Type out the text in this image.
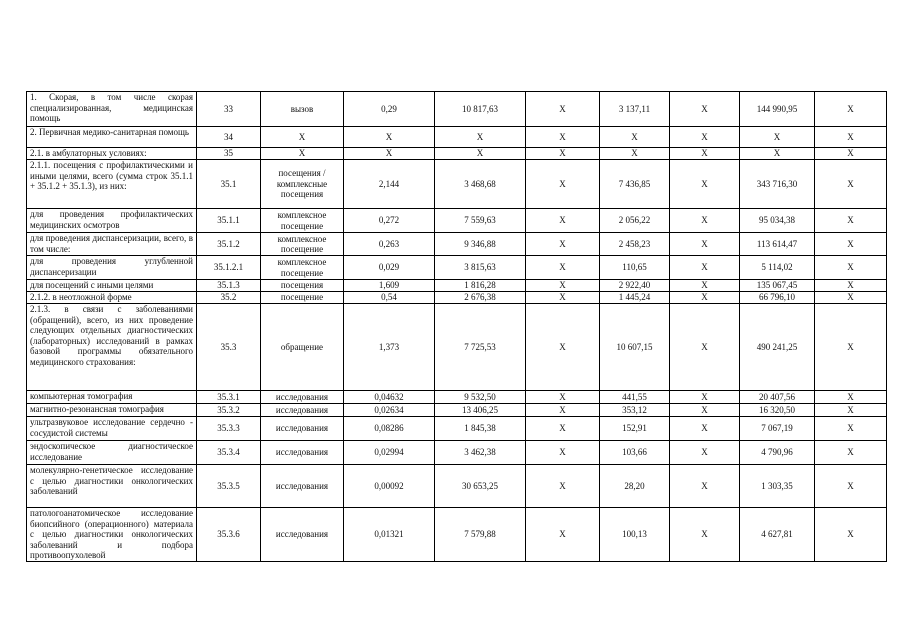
1. Скорая, в том числе скорая специализированная, медицинская помощь	33	вызов	0,29	10 817,63	Х	3 137,11	Х	144 990,95	Х
2. Первичная медико-санитарная помощь	34	Х	Х	Х	Х	Х	Х	Х	Х
2.1. в амбулаторных условиях:	35	Х	Х	Х	Х	Х	Х	Х	Х
2.1.1. посещения с профилактическими и иными целями, всего (сумма строк 35.1.1 + 35.1.2 + 35.1.3), из них:	35.1	посещения / комплексные посещения	2,144	3 468,68	Х	7 436,85	Х	343 716,30	Х
для проведения профилактических медицинских осмотров	35.1.1	комплексное посещение	0,272	7 559,63	Х	2 056,22	Х	95 034,38	Х
для проведения диспансеризации, всего, в том числе:	35.1.2	комплексное посещение	0,263	9 346,88	Х	2 458,23	Х	113 614,47	Х
для проведения углубленной диспансеризации	35.1.2.1	комплексное посещение	0,029	3 815,63	Х	110,65	Х	5 114,02	Х
для посещений с иными целями	35.1.3	посещения	1,609	1 816,28	Х	2 922,40	Х	135 067,45	Х
2.1.2. в неотложной форме	35.2	посещение	0,54	2 676,38	Х	1 445,24	Х	66 796,10	Х
2.1.3. в связи с заболеваниями (обращений), всего, из них проведение следующих отдельных диагностических (лабораторных) исследований в рамках базовой программы обязательного медицинского страхования:	35.3	обращение	1,373	7 725,53	Х	10 607,15	Х	490 241,25	Х
компьютерная томография	35.3.1	исследования	0,04632	9 532,50	Х	441,55	Х	20 407,56	Х
магнитно-резонансная томография	35.3.2	исследования	0,02634	13 406,25	Х	353,12	Х	16 320,50	Х
ультразвуковое исследование сердечно - сосудистой системы	35.3.3	исследования	0,08286	1 845,38	Х	152,91	Х	7 067,19	Х
эндоскопическое диагностическое исследование	35.3.4	исследования	0,02994	3 462,38	Х	103,66	Х	4 790,96	Х
молекулярно-генетическое исследование с целью диагностики онкологических заболеваний	35.3.5	исследования	0,00092	30 653,25	Х	28,20	Х	1 303,35	Х
патологоанатомическое исследование биопсийного (операционного) материала с целью диагностики онкологических заболеваний и подбора противоопухолевой	35.3.6	исследования	0,01321	7 579,88	Х	100,13	Х	4 627,81	Х
